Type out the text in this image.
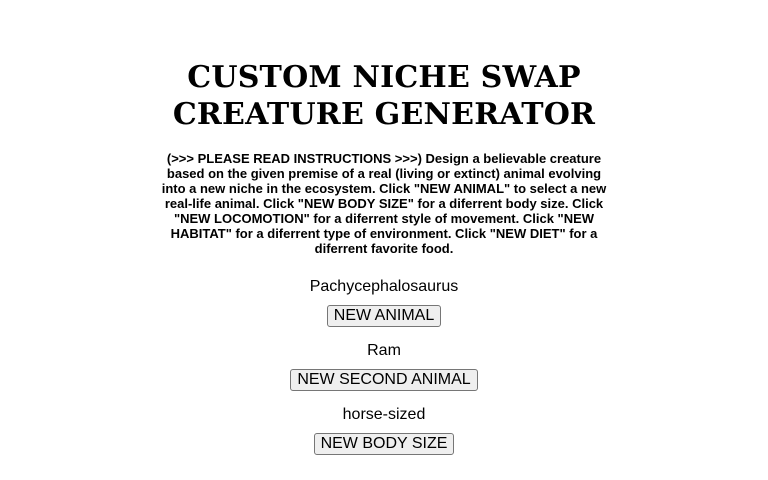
CUSTOM NICHE SWAP
CREATURE GENERATOR
(>>> PLEASE READ INSTRUCTIONS >>>) Design a believable creature based on the given premise of a real (living or extinct) animal evolving into a new niche in the ecosystem. Click "NEW ANIMAL" to select a new real-life animal. Click "NEW BODY SIZE" for a diferrent body size. Click "NEW LOCOMOTION" for a diferrent style of movement. Click "NEW HABITAT" for a diferrent type of environment. Click "NEW DIET" for a diferrent favorite food.

Pachycephalosaurus

NEW ANIMAL

Ram

NEW SECOND ANIMAL

horse-sized

NEW BODY SIZE
